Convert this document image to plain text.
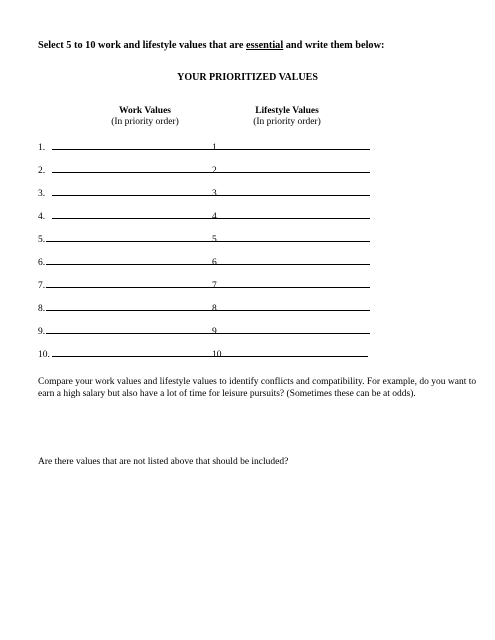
Select 5 to 10 work and lifestyle values that are essential and write them below:
YOUR PRIORITIZED VALUES
Work Values
(In priority order)
Lifestyle Values
(In priority order)
1.	1.
2.	2.
3.	3.
4.	4.
5.	5.
6.	6.
7.	7.
8.	8.
9.	9.
10.	10.
Compare your work values and lifestyle values to identify conflicts and compatibility. For example, do you want to earn a high salary but also have a lot of time for leisure pursuits? (Sometimes these can be at odds).
Are there values that are not listed above that should be included?
